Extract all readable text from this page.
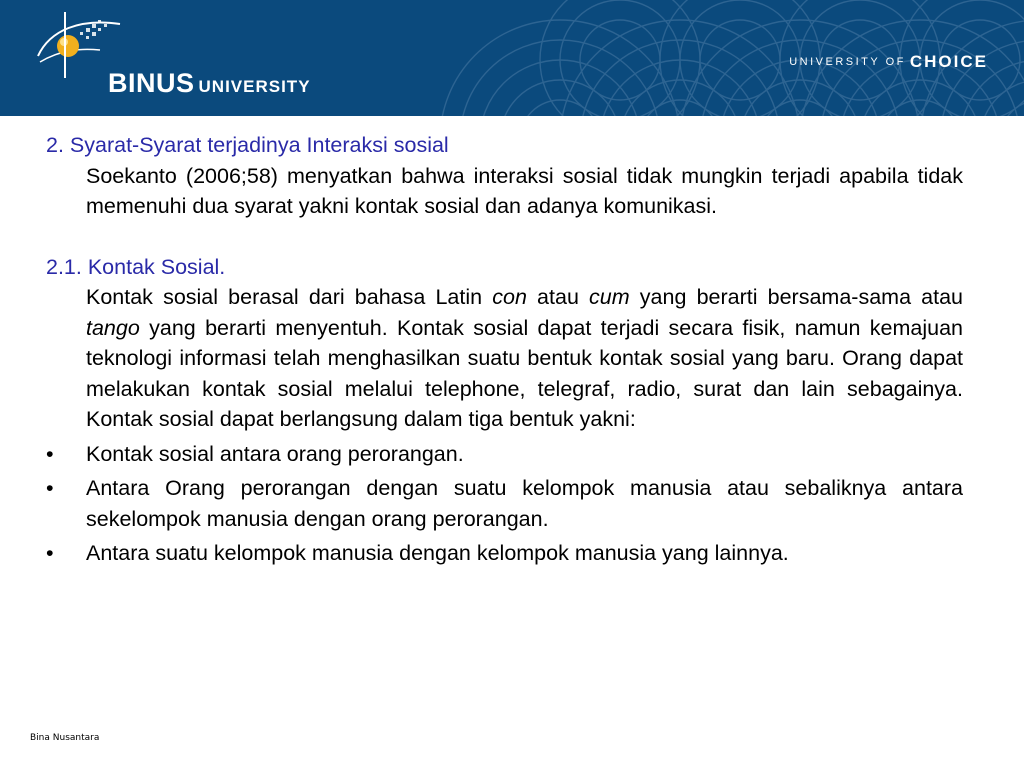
BINUS UNIVERSITY
UNIVERSITY OF CHOICE

2. Syarat-Syarat terjadinya Interaksi sosial

Soekanto (2006;58) menyatkan bahwa interaksi sosial tidak mungkin terjadi apabila tidak memenuhi dua syarat yakni kontak sosial dan adanya komunikasi.

2.1. Kontak Sosial.

Kontak sosial berasal dari bahasa Latin con atau cum yang berarti bersama-sama atau tango yang berarti menyentuh. Kontak sosial dapat terjadi secara fisik, namun kemajuan teknologi informasi telah menghasilkan suatu bentuk kontak sosial yang baru. Orang dapat melakukan kontak sosial melalui telephone, telegraf, radio, surat dan lain sebagainya. Kontak sosial dapat berlangsung dalam tiga bentuk yakni:

•	Kontak sosial antara orang perorangan.
•	Antara Orang perorangan dengan suatu kelompok manusia atau sebaliknya antara sekelompok manusia dengan orang perorangan.
•	Antara suatu kelompok manusia dengan kelompok manusia yang lainnya.
Bina Nusantara
